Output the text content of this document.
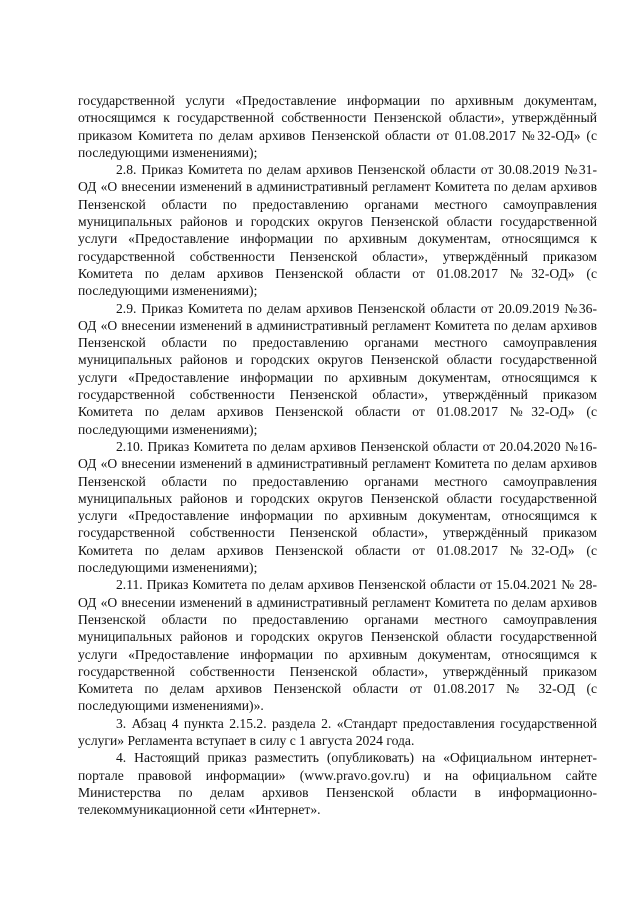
государственной услуги «Предоставление информации по архивным документам, относящимся к государственной собственности Пензенской области», утверждённый приказом Комитета по делам архивов Пензенской области от 01.08.2017 №32-ОД» (с последующими изменениями);

2.8. Приказ Комитета по делам архивов Пензенской области от 30.08.2019 №31-ОД «О внесении изменений в административный регламент Комитета по делам архивов Пензенской области по предоставлению органами местного самоуправления муниципальных районов и городских округов Пензенской области государственной услуги «Предоставление информации по архивным документам, относящимся к государственной собственности Пензенской области», утверждённый приказом Комитета по делам архивов Пензенской области от 01.08.2017 №32-ОД» (с последующими изменениями);

2.9. Приказ Комитета по делам архивов Пензенской области от 20.09.2019 №36-ОД «О внесении изменений в административный регламент Комитета по делам архивов Пензенской области по предоставлению органами местного самоуправления муниципальных районов и городских округов Пензенской области государственной услуги «Предоставление информации по архивным документам, относящимся к государственной собственности Пензенской области», утверждённый приказом Комитета по делам архивов Пензенской области от 01.08.2017 №32-ОД» (с последующими изменениями);

2.10. Приказ Комитета по делам архивов Пензенской области от 20.04.2020 №16-ОД «О внесении изменений в административный регламент Комитета по делам архивов Пензенской области по предоставлению органами местного самоуправления муниципальных районов и городских округов Пензенской области государственной услуги «Предоставление информации по архивным документам, относящимся к государственной собственности Пензенской области», утверждённый приказом Комитета по делам архивов Пензенской области от 01.08.2017 №32-ОД» (с последующими изменениями);

2.11. Приказ Комитета по делам архивов Пензенской области от 15.04.2021 № 28-ОД «О внесении изменений в административный регламент Комитета по делам архивов Пензенской области по предоставлению органами местного самоуправления муниципальных районов и городских округов Пензенской области государственной услуги «Предоставление информации по архивным документам, относящимся к государственной собственности Пензенской области», утверждённый приказом Комитета по делам архивов Пензенской области от 01.08.2017 № 32-ОД (с последующими изменениями)».

3. Абзац 4 пункта 2.15.2. раздела 2. «Стандарт предоставления государственной услуги» Регламента вступает в силу с 1 августа 2024 года.

4. Настоящий приказ разместить (опубликовать) на «Официальном интернет-портале правовой информации» (www.pravo.gov.ru) и на официальном сайте Министерства по делам архивов Пензенской области в информационно-телекоммуникационной сети «Интернет».
